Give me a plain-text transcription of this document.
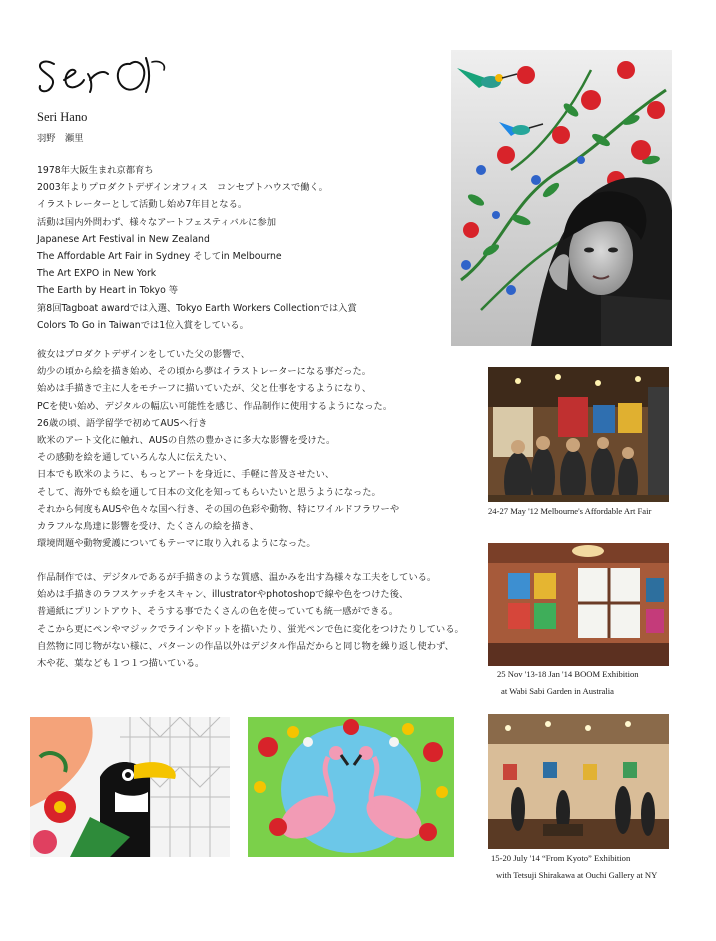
Seri Hano
羽野　瀬里

1978年大阪生まれ京都育ち

2003年よりプロダクトデザインオフィス　コンセプトハウスで働く。

イラストレーターとして活動し始め7年目となる。

活動は国内外問わず、様々なアートフェスティバルに参加

Japanese Art Festival in New Zealand

The Affordable Art Fair in Sydney そしてin Melbourne

The Art EXPO in New York

The Earth by Heart in Tokyo 等

第8回Tagboat awardでは入選、Tokyo Earth Workers Collectionでは入賞

Colors To Go in Taiwanでは1位入賞をしている。

彼女はプロダクトデザインをしていた父の影響で、

幼少の頃から絵を描き始め、その頃から夢はイラストレーターになる事だった。

始めは手描きで主に人をモチーフに描いていたが、父と仕事をするようになり、

PCを使い始め、デジタルの幅広い可能性を感じ、作品制作に使用するようになった。

26歳の頃、語学留学で初めてAUSへ行き

欧米のアート文化に触れ、AUSの自然の豊かさに多大な影響を受けた。

その感動を絵を通していろんな人に伝えたい、

日本でも欧米のように、もっとアートを身近に、手軽に普及させたい、

そして、海外でも絵を通して日本の文化を知ってもらいたいと思うようになった。

それから何度もAUSや色々な国へ行き、その国の色彩や動物、特にワイルドフラワーや

カラフルな鳥達に影響を受け、たくさんの絵を描き、

環境問題や動物愛護についてもテーマに取り入れるようになった。

作品制作では、デジタルであるが手描きのような質感、温かみを出す為様々な工夫をしている。

始めは手描きのラフスケッチをスキャン、illustratorやphotoshopで線や色をつけた後、

普通紙にプリントアウト、そうする事でたくさんの色を使っていても統一感ができる。

そこから更にペンやマジックでラインやドットを描いたり、蛍光ペンで色に変化をつけたりしている。

自然物に同じ物がない様に、パターンの作品以外はデジタル作品だからと同じ物を繰り返し使わず、

木や花、葉なども１つ１つ描いている。

24-27 May '12 Melbourne's Affordable Art Fair
25 Nov '13-18 Jan '14 BOOM Exhibition
at Wabi Sabi Garden in Australia
15-20 July '14 “From Kyoto” Exhibition
with Tetsuji Shirakawa at Ouchi Gallery at NY
